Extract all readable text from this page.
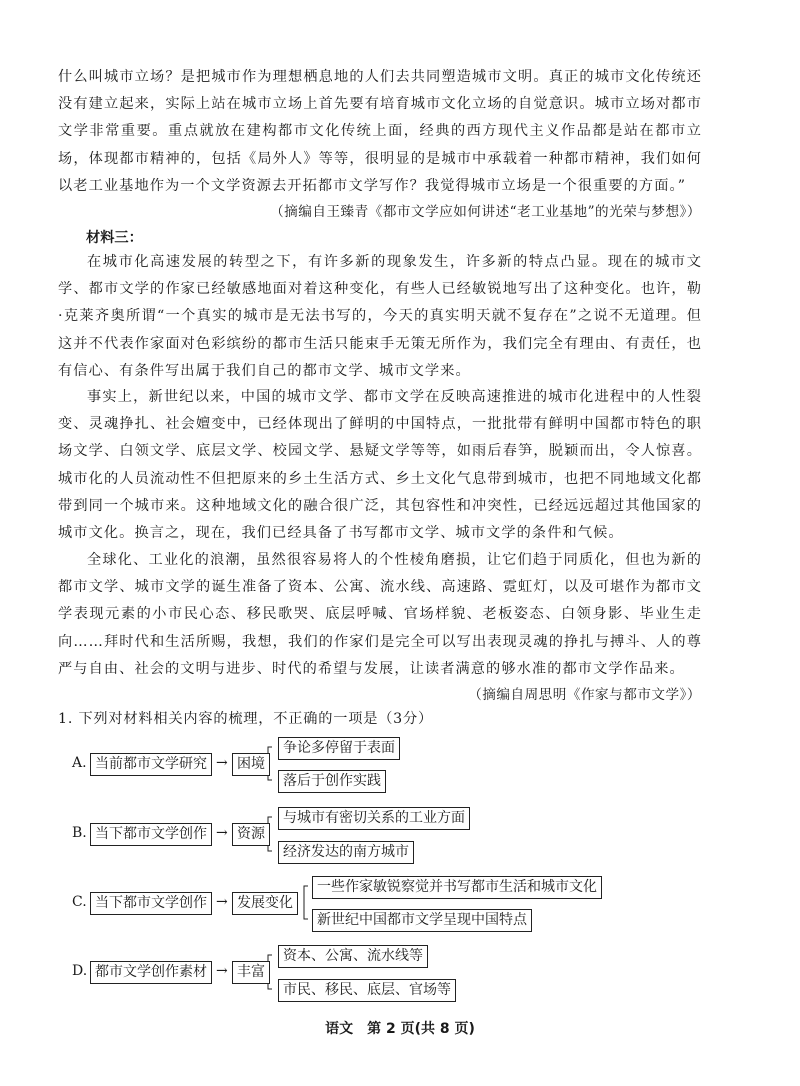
什么叫城市立场？是把城市作为理想栖息地的人们去共同塑造城市文明。真正的城市文化传统还没有建立起来，实际上站在城市立场上首先要有培育城市文化立场的自觉意识。城市立场对都市文学非常重要。重点就放在建构都市文化传统上面，经典的西方现代主义作品都是站在都市立场，体现都市精神的，包括《局外人》等等，很明显的是城市中承载着一种都市精神，我们如何以老工业基地作为一个文学资源去开拓都市文学写作？我觉得城市立场是一个很重要的方面。”
（摘编自王臻青《都市文学应如何讲述“老工业基地”的光荣与梦想》）
材料三：
在城市化高速发展的转型之下，有许多新的现象发生，许多新的特点凸显。现在的城市文学、都市文学的作家已经敏感地面对着这种变化，有些人已经敏锐地写出了这种变化。也许，勒·克莱齐奥所谓“一个真实的城市是无法书写的，今天的真实明天就不复存在”之说不无道理。但这并不代表作家面对色彩缤纷的都市生活只能束手无策无所作为，我们完全有理由、有责任，也有信心、有条件写出属于我们自己的都市文学、城市文学来。
事实上，新世纪以来，中国的城市文学、都市文学在反映高速推进的城市化进程中的人性裂变、灵魂挣扎、社会嬗变中，已经体现出了鲜明的中国特点，一批批带有鲜明中国都市特色的职场文学、白领文学、底层文学、校园文学、悬疑文学等等，如雨后春笋，脱颖而出，令人惊喜。城市化的人员流动性不但把原来的乡土生活方式、乡土文化气息带到城市，也把不同地域文化都带到同一个城市来。这种地域文化的融合很广泛，其包容性和冲突性，已经远远超过其他国家的城市文化。换言之，现在，我们已经具备了书写都市文学、城市文学的条件和气候。
全球化、工业化的浪潮，虽然很容易将人的个性棱角磨损，让它们趋于同质化，但也为新的都市文学、城市文学的诞生准备了资本、公寓、流水线、高速路、霓虹灯，以及可堪作为都市文学表现元素的小市民心态、移民歌哭、底层呼喊、官场样貌、老板姿态、白领身影、毕业生走向……拜时代和生活所赐，我想，我们的作家们是完全可以写出表现灵魂的挣扎与搏斗、人的尊严与自由、社会的文明与进步、时代的希望与发展，让读者满意的够水准的都市文学作品来。
（摘编自周思明《作家与都市文学》）
1. 下列对材料相关内容的梳理，不正确的一项是（3分）
A. 当前都市文学研究 → 困境
争论多停留于表面
落后于创作实践
B. 当下都市文学创作 → 资源
与城市有密切关系的工业方面
经济发达的南方城市
C. 当下都市文学创作 → 发展变化
一些作家敏锐察觉并书写都市生活和城市文化
新世纪中国都市文学呈现中国特点
D. 都市文学创作素材 → 丰富
资本、公寓、流水线等
市民、移民、底层、官场等
语文　第 2 页(共 8 页)
